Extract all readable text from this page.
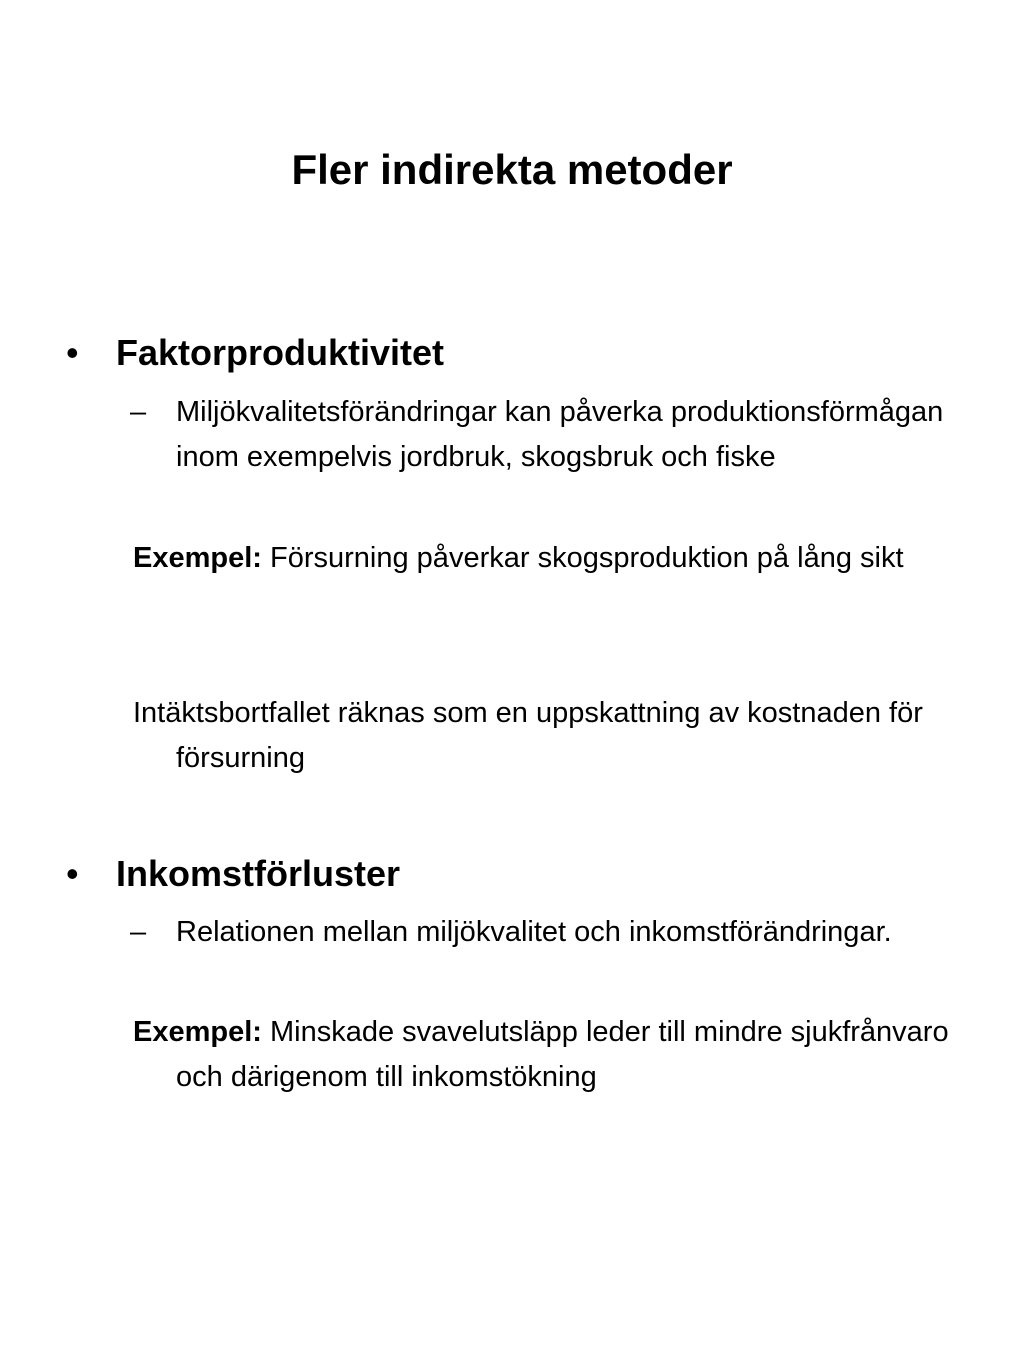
Fler indirekta metoder
•	Faktorproduktivitet
– Miljökvalitetsförändringar kan påverka produktionsförmågan inom exempelvis jordbruk, skogsbruk och fiske
Exempel: Försurning påverkar skogsproduktion på lång sikt
Intäktsbortfallet räknas som en uppskattning av kostnaden för försurning
•	Inkomstförluster
– Relationen mellan miljökvalitet och inkomstförändringar.
Exempel: Minskade svavelutsläpp leder till mindre sjukfrånvaro och därigenom till inkomstökning
